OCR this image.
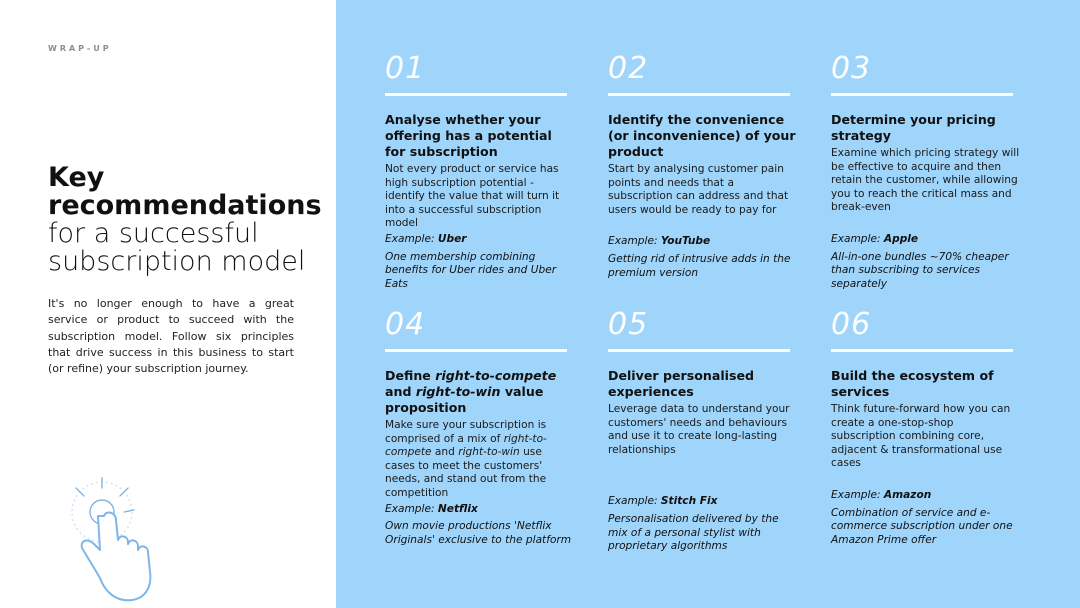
WRAP-UP
Key
recommendations
for a successful
subscription model
It's no longer enough to have a great service or product to succeed with the subscription model. Follow six principles that drive success in this business to start (or refine) your subscription journey.
01
Analyse whether your offering has a potential for subscription
Not every product or service has high subscription potential - identify the value that will turn it into a successful subscription model
Example: Uber
One membership combining benefits for Uber rides and Uber Eats
02
Identify the convenience (or inconvenience) of your product
Start by analysing customer pain points and needs that a subscription can address and that users would be ready to pay for
Example: YouTube
Getting rid of intrusive adds in the premium version
03
Determine your pricing strategy
Examine which pricing strategy will be effective to acquire and then retain the customer, while allowing you to reach the critical mass and break-even
Example: Apple
All-in-one bundles ~70% cheaper than subscribing to services separately
04
Define right-to-compete and right-to-win value proposition
Make sure your subscription is comprised of a mix of right-to-compete and right-to-win use cases to meet the customers' needs, and stand out from the competition
Example: Netflix
Own movie productions 'Netflix Originals' exclusive to the platform
05
Deliver personalised experiences
Leverage data to understand your customers' needs and behaviours and use it to create long-lasting relationships
Example: Stitch Fix
Personalisation delivered by the mix of a personal stylist with proprietary algorithms
06
Build the ecosystem of services
Think future-forward how you can create a one-stop-shop subscription combining core, adjacent & transformational use cases
Example: Amazon
Combination of service and e-commerce subscription under one Amazon Prime offer
